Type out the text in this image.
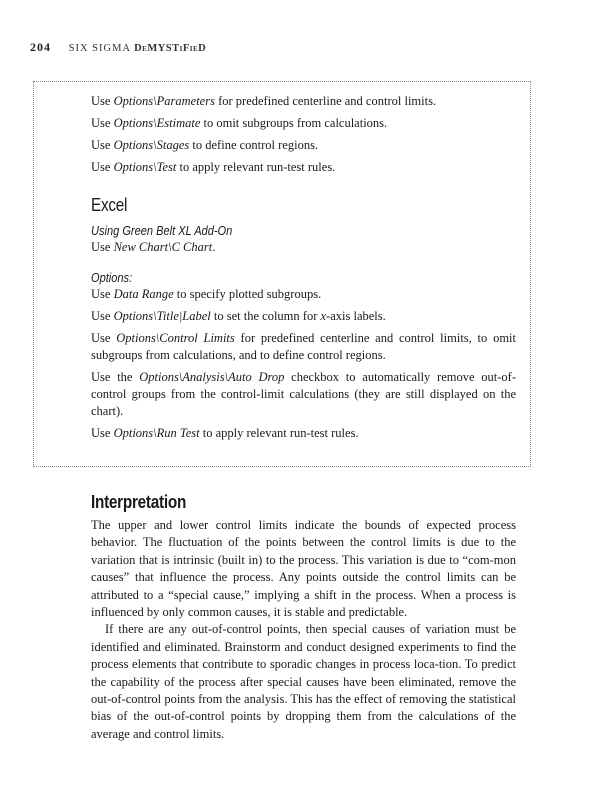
204 SIX SIGMA DeMYSTiFieD

Use Options\Parameters for predefined centerline and control limits.

Use Options\Estimate to omit subgroups from calculations.

Use Options\Stages to define control regions.

Use Options\Test to apply relevant run-test rules.

Excel

Using Green Belt XL Add-On

Use New Chart\C Chart.

Options:

Use Data Range to specify plotted subgroups.

Use Options\Title|Label to set the column for x-axis labels.

Use Options\Control Limits for predefined centerline and control limits, to omit subgroups from calculations, and to define control regions.

Use the Options\Analysis\Auto Drop checkbox to automatically remove out-of-control groups from the control-limit calculations (they are still displayed on the chart).

Use Options\Run Test to apply relevant run-test rules.

Interpretation

The upper and lower control limits indicate the bounds of expected process behavior. The fluctuation of the points between the control limits is due to the variation that is intrinsic (built in) to the process. This variation is due to “com-mon causes” that influence the process. Any points outside the control limits can be attributed to a “special cause,” implying a shift in the process. When a process is influenced by only common causes, it is stable and predictable.

If there are any out-of-control points, then special causes of variation must be identified and eliminated. Brainstorm and conduct designed experiments to find the process elements that contribute to sporadic changes in process loca-tion. To predict the capability of the process after special causes have been eliminated, remove the out-of-control points from the analysis. This has the effect of removing the statistical bias of the out-of-control points by dropping them from the calculations of the average and control limits.
